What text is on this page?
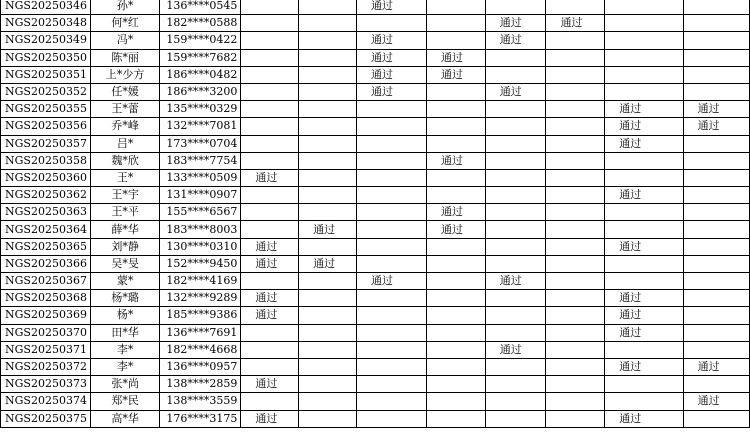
NGS20250346	孙*	136****0545			通过					
NGS20250348	何*红	182****0588					通过	通过		
NGS20250349	冯*	159****0422			通过		通过			
NGS20250350	陈*丽	159****7682			通过	通过				
NGS20250351	上*少方	186****0482			通过	通过				
NGS20250352	任*媛	186****3200			通过		通过			
NGS20250355	王*蕾	135****0329							通过	通过
NGS20250356	乔*峰	132****7081							通过	通过
NGS20250357	吕*	173****0704							通过	
NGS20250358	魏*欣	183****7754				通过				
NGS20250360	王*	133****0509	通过							
NGS20250362	王*宇	131****0907							通过	
NGS20250363	王*平	155****6567				通过				
NGS20250364	薛*华	183****8003		通过		通过				
NGS20250365	刘*静	130****0310	通过						通过	
NGS20250366	吴*旻	152****9450	通过	通过						
NGS20250367	蒙*	182****4169			通过		通过			
NGS20250368	杨*璐	132****9289	通过						通过	
NGS20250369	杨*	185****9386	通过						通过	
NGS20250370	田*华	136****7691							通过	
NGS20250371	李*	182****4668					通过			
NGS20250372	李*	136****0957							通过	通过
NGS20250373	张*尚	138****2859	通过							
NGS20250374	郑*民	138****3559								通过
NGS20250375	高*华	176****3175	通过						通过	
